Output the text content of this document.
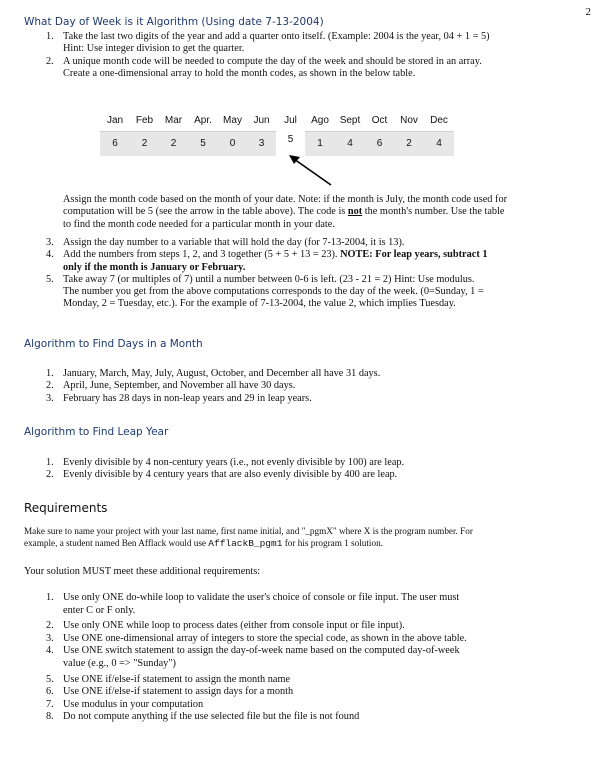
2
What Day of Week is it Algorithm (Using date 7-13-2004)
1. Take the last two digits of the year and add a quarter onto itself. (Example: 2004 is the year, 04 + 1 = 5)
Hint: Use integer division to get the quarter.
2. A unique month code will be needed to compute the day of the week and should be stored in an array.
Create a one-dimensional array to hold the month codes, as shown in the below table.
Jan	Feb	Mar	Apr.	May	Jun	Jul	Ago	Sept	Oct	Nov	Dec
6	2	2	5	0	3	5	1	4	6	2	4
Assign the month code based on the month of your date. Note: if the month is July, the month code used for
computation will be 5 (see the arrow in the table above). The code is not the month's number. Use the table
to find the month code needed for a particular month in your date.
3. Assign the day number to a variable that will hold the day (for 7-13-2004, it is 13).
4. Add the numbers from steps 1, 2, and 3 together (5 + 5 + 13 = 23). NOTE: For leap years, subtract 1
only if the month is January or February.
5. Take away 7 (or multiples of 7) until a number between 0-6 is left. (23 - 21 = 2) Hint: Use modulus.
The number you get from the above computations corresponds to the day of the week. (0=Sunday, 1 =
Monday, 2 = Tuesday, etc.). For the example of 7-13-2004, the value 2, which implies Tuesday.
Algorithm to Find Days in a Month
1. January, March, May, July, August, October, and December all have 31 days.
2. April, June, September, and November all have 30 days.
3. February has 28 days in non-leap years and 29 in leap years.
Algorithm to Find Leap Year
1. Evenly divisible by 4 non-century years (i.e., not evenly divisible by 100) are leap.
2. Evenly divisible by 4 century years that are also evenly divisible by 400 are leap.
Requirements
Make sure to name your project with your last name, first name initial, and "_pgmX" where X is the program number. For
example, a student named Ben Afflack would use AfflackB_pgm1 for his program 1 solution.
Your solution MUST meet these additional requirements:
1. Use only ONE do-while loop to validate the user's choice of console or file input. The user must
enter C or F only.
2. Use only ONE while loop to process dates (either from console input or file input).
3. Use ONE one-dimensional array of integers to store the special code, as shown in the above table.
4. Use ONE switch statement to assign the day-of-week name based on the computed day-of-week
value (e.g., 0 => "Sunday")
5. Use ONE if/else-if statement to assign the month name
6. Use ONE if/else-if statement to assign days for a month
7. Use modulus in your computation
8. Do not compute anything if the use selected file but the file is not found
